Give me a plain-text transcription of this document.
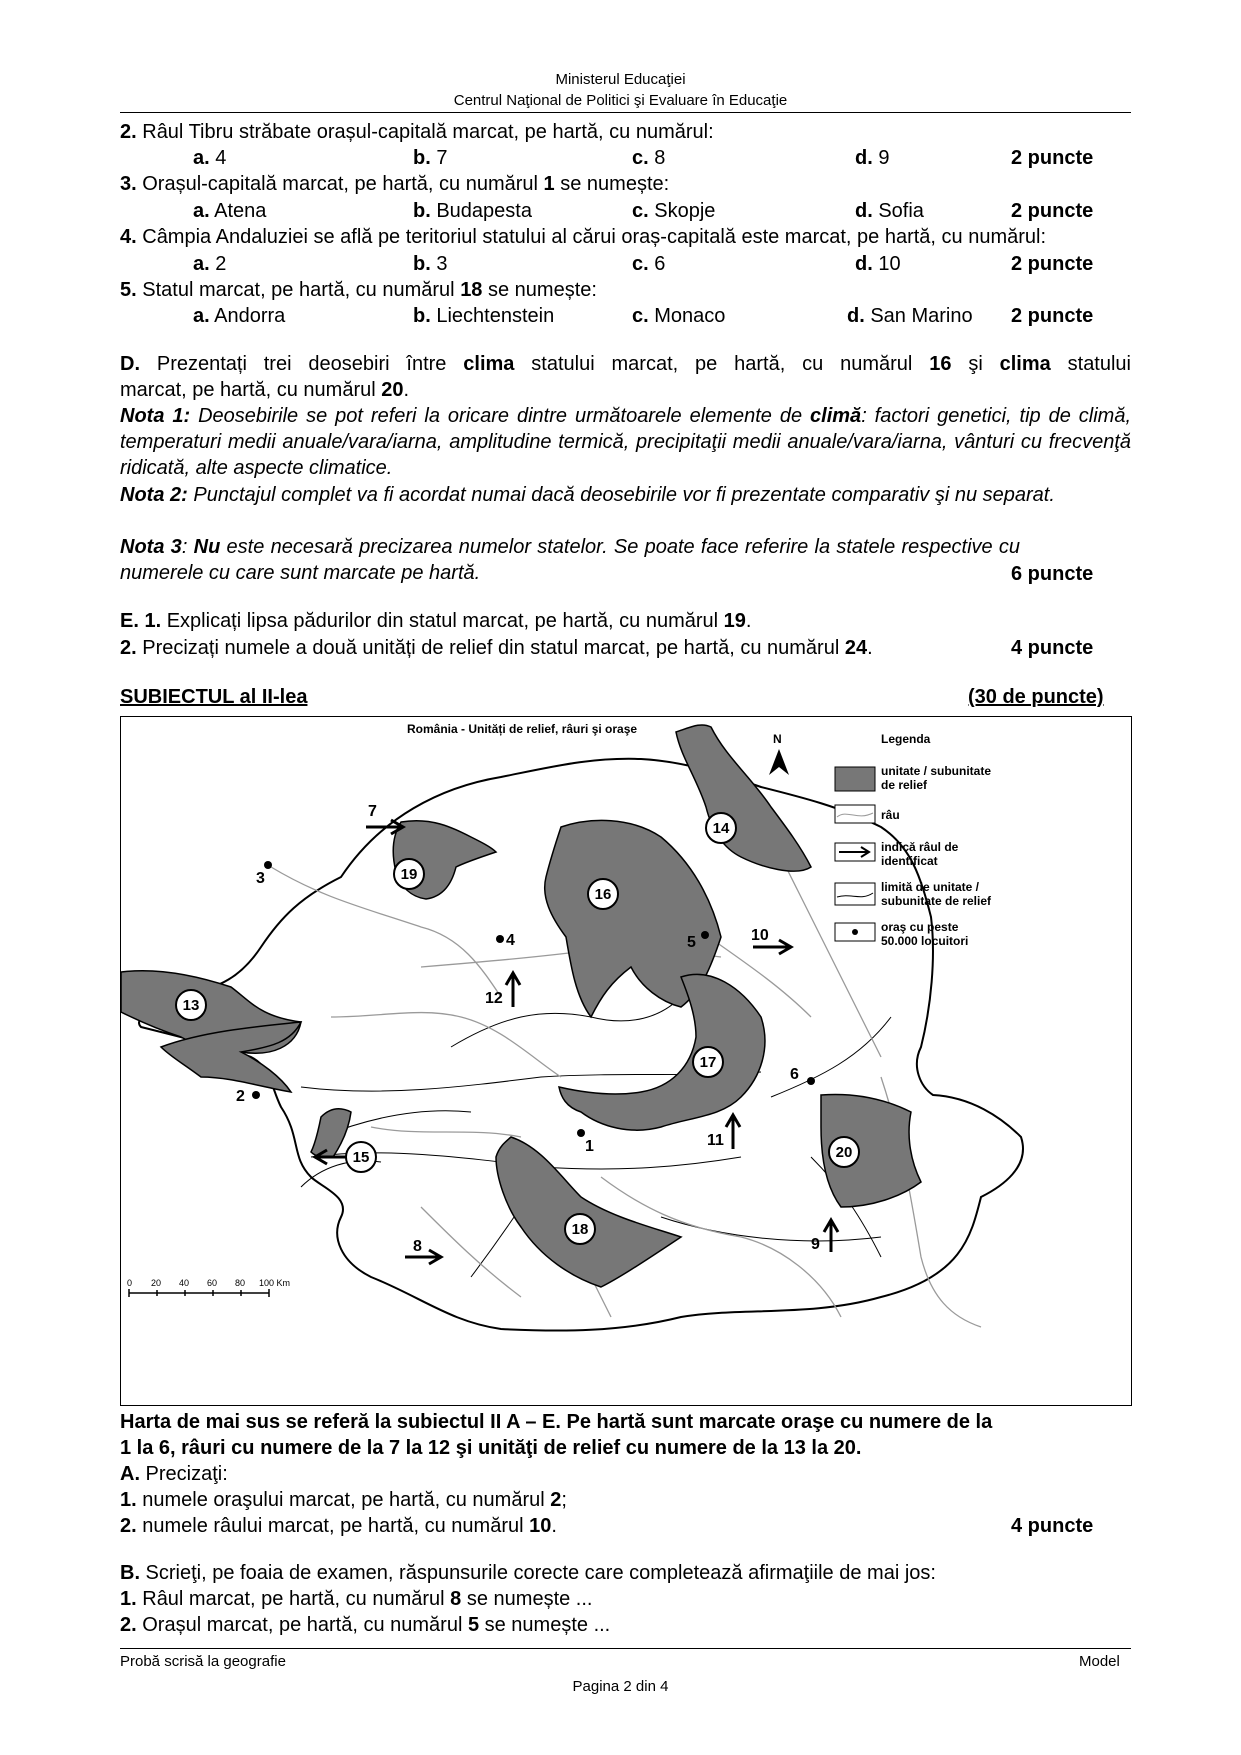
Ministerul Educaţiei
Centrul Naţional de Politici şi Evaluare în Educaţie
2. Râul Tibru străbate orașul-capitală marcat, pe hartă, cu numărul:
a. 4	b. 7	c. 8	d. 9	2 puncte
3. Orașul-capitală marcat, pe hartă, cu numărul 1 se numește:
a. Atena	b. Budapesta	c. Skopje	d. Sofia	2 puncte
4. Câmpia Andaluziei se află pe teritoriul statului al cărui oraș-capitală este marcat, pe hartă, cu numărul:
a. 2	b. 3	c. 6	d. 10	2 puncte
5. Statul marcat, pe hartă, cu numărul 18 se numește:
a. Andorra	b. Liechtenstein	c. Monaco	d. San Marino 2 puncte
D. Prezentați trei deosebiri între clima statului marcat, pe hartă, cu numărul 16 şi clima statului
marcat, pe hartă, cu numărul 20.
Nota 1: Deosebirile se pot referi la oricare dintre următoarele elemente de climă: factori genetici, tip de climă, temperaturi medii anuale/vara/iarna, amplitudine termică, precipitaţii medii anuale/vara/iarna, vânturi cu frecvenţă ridicată, alte aspecte climatice.
Nota 2: Punctajul complet va fi acordat numai dacă deosebirile vor fi prezentate comparativ şi nu separat.
Nota 3: Nu este necesară precizarea numelor statelor. Se poate face referire la statele respective cu numerele cu care sunt marcate pe hartă.	6 puncte
E. 1. Explicați lipsa pădurilor din statul marcat, pe hartă, cu numărul 19.
2. Precizați numele a două unități de relief din statul marcat, pe hartă, cu numărul 24.	4 puncte
SUBIECTUL al II-lea	(30 de puncte)
România - Unități de relief, râuri şi oraşe
N	Legenda
unitate / subunitate
de relief
râu
indică râul de
identificat
limită de unitate /
subunitate de relief
oraş cu peste
50.000 locuitori
1
2
3
4	5
6
7
8	9
10
11
12
13
14
15
16
17
18
19
20
0 20 40 60 80 100 Km
Harta de mai sus se referă la subiectul II A – E. Pe hartă sunt marcate oraşe cu numere de la
1 la 6, râuri cu numere de la 7 la 12 şi unităţi de relief cu numere de la 13 la 20.
A. Precizaţi:
1. numele oraşului marcat, pe hartă, cu numărul 2;
2. numele râului marcat, pe hartă, cu numărul 10.	4 puncte
B. Scrieţi, pe foaia de examen, răspunsurile corecte care completează afirmaţiile de mai jos:
1. Râul marcat, pe hartă, cu numărul 8 se numește ...
2. Orașul marcat, pe hartă, cu numărul 5 se numește ...
Probă scrisă la geografie	Model
Pagina 2 din 4
